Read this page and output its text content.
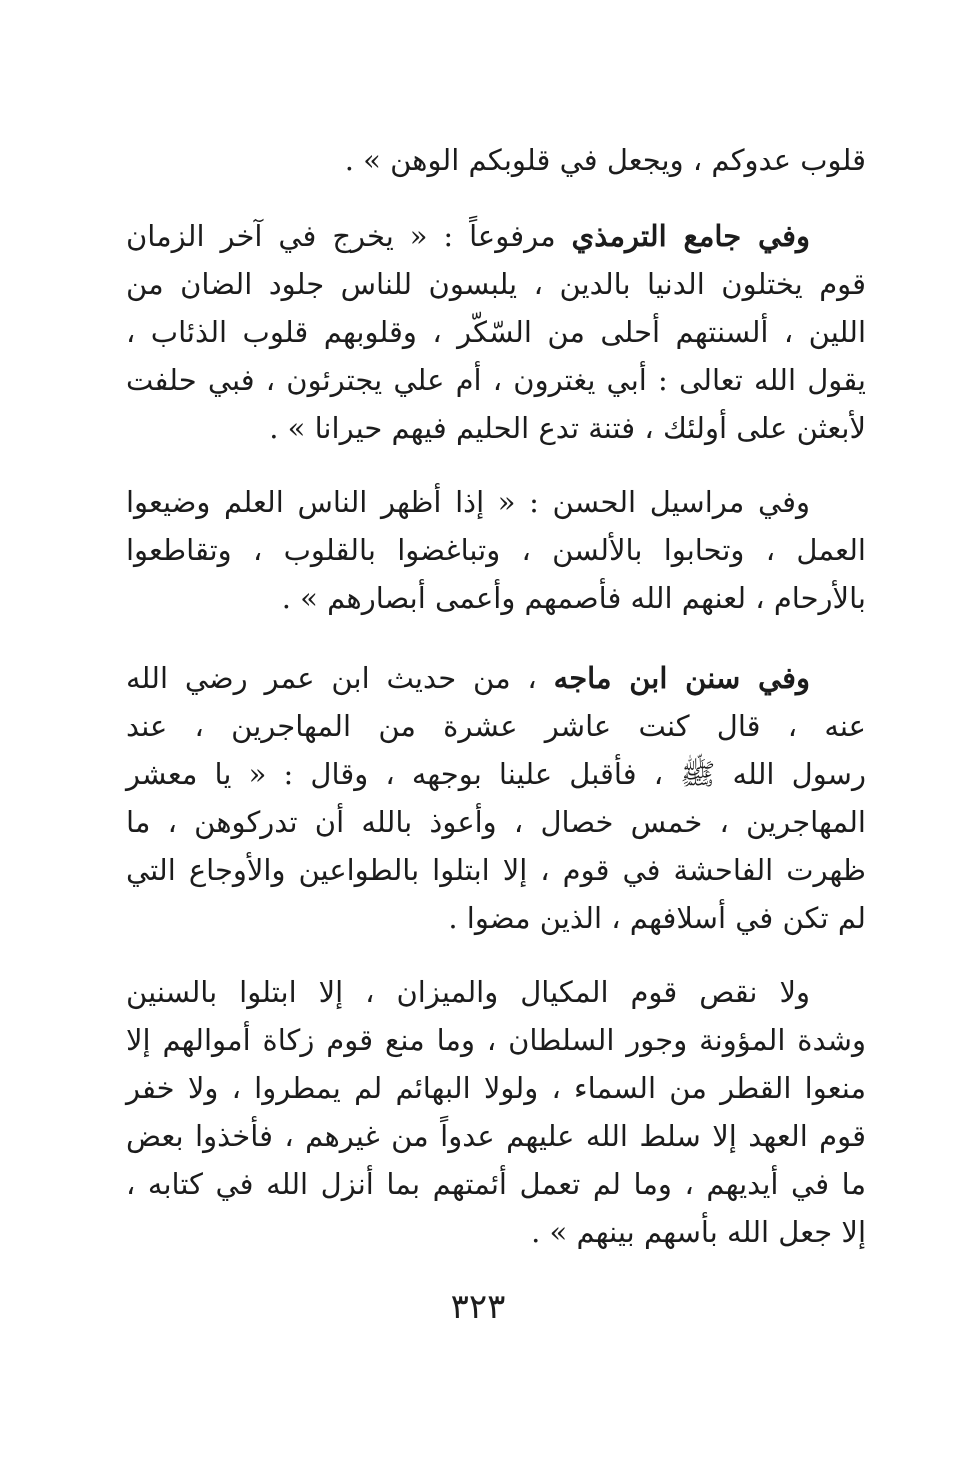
قلوب عدوكم ، ويجعل في قلوبكم الوهن » .
وفي جامع الترمذي مرفوعاً : « يخرج في آخر الزمان
قوم يختلون الدنيا بالدين ، يلبسون للناس جلود الضان من
اللين ، ألسنتهم أحلى من السّكّر ، وقلوبهم قلوب الذئاب ،
يقول الله تعالى : أبي يغترون ، أم علي يجترئون ، فبي حلفت
لأبعثن على أولئك ، فتنة تدع الحليم فيهم حيرانا » .
وفي مراسيل الحسن : « إذا أظهر الناس العلم وضيعوا
العمل ، وتحابوا بالألسن ، وتباغضوا بالقلوب ، وتقاطعوا
بالأرحام ، لعنهم الله فأصمهم وأعمى أبصارهم » .
وفي سنن ابن ماجه ، من حديث ابن عمر رضي الله
عنه ، قال كنت عاشر عشرة من المهاجرين ، عند
رسول الله ﷺ ، فأقبل علينا بوجهه ، وقال : « يا معشر
المهاجرين ، خمس خصال ، وأعوذ بالله أن تدركوهن ، ما
ظهرت الفاحشة في قوم ، إلا ابتلوا بالطواعين والأوجاع التي
لم تكن في أسلافهم ، الذين مضوا .
ولا نقص قوم المكيال والميزان ، إلا ابتلوا بالسنين
وشدة المؤونة وجور السلطان ، وما منع قوم زكاة أموالهم إلا
منعوا القطر من السماء ، ولولا البهائم لم يمطروا ، ولا خفر
قوم العهد إلا سلط الله عليهم عدواً من غيرهم ، فأخذوا بعض
ما في أيديهم ، وما لم تعمل أئمتهم بما أنزل الله في كتابه ،
إلا جعل الله بأسهم بينهم » .
٣٢٣
